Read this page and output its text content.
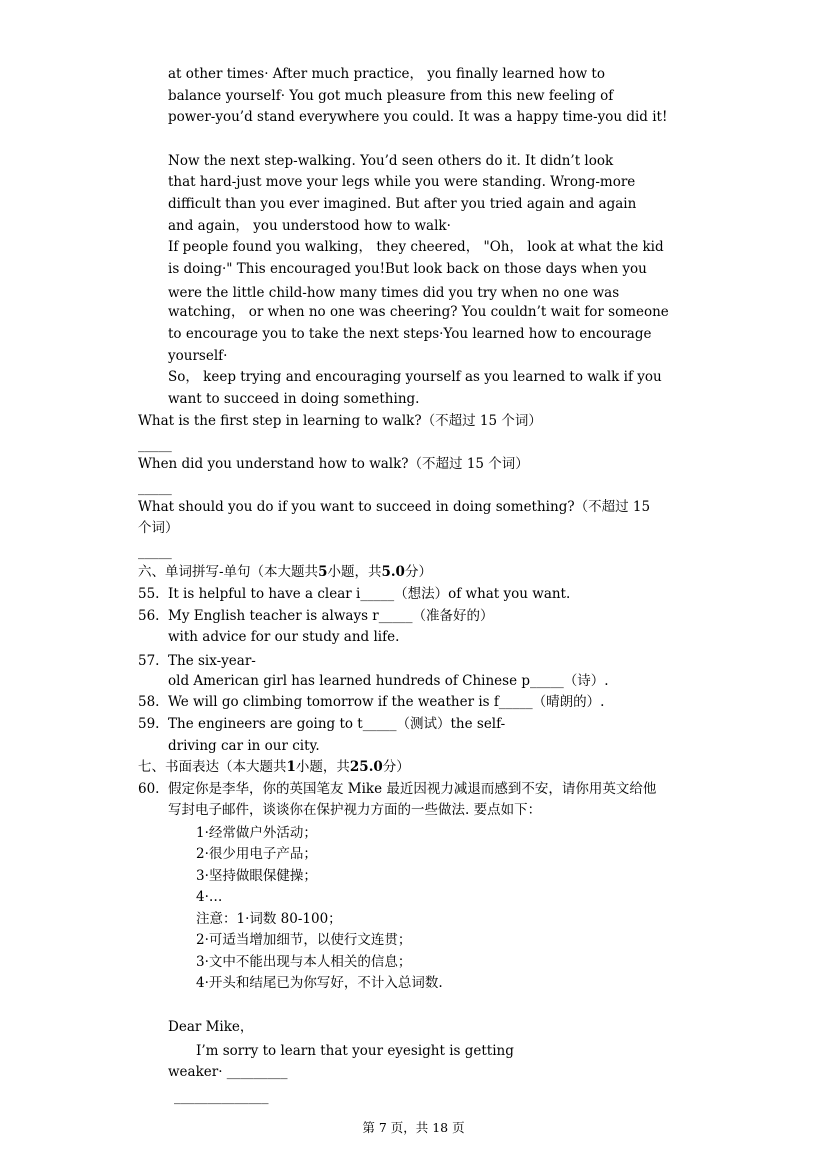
at other times· After much practice， you finally learned how to
balance yourself· You got much pleasure from this new feeling of
power-you’d stand everywhere you could. It was a happy time-you did it!
Now the next step-walking. You’d seen others do it. It didn’t look
that hard-just move your legs while you were standing. Wrong-more
difficult than you ever imagined. But after you tried again and again
and again， you understood how to walk·
If people found you walking， they cheered， "Oh， look at what the kid
is doing·" This encouraged you!But look back on those days when you
were the little child-how many times did you try when no one was
watching， or when no one was cheering? You couldn’t wait for someone
to encourage you to take the next steps·You learned how to encourage
yourself·
So， keep trying and encouraging yourself as you learned to walk if you
want to succeed in doing something.
What is the first step in learning to walk?（不超过 15 个词）
_____
When did you understand how to walk?（不超过 15 个词）
_____
What should you do if you want to succeed in doing something?（不超过 15
个词）
_____
六、单词拼写-单句（本大题共5小题，共5.0分）
55. It is helpful to have a clear i_____（想法）of what you want.
56. My English teacher is always r_____（准备好的）
with advice for our study and life.
57. The six-year-
old American girl has learned hundreds of Chinese p_____（诗）.
58. We will go climbing tomorrow if the weather is f_____（晴朗的）.
59. The engineers are going to t_____（测试）the self-
driving car in our city.
七、书面表达（本大题共1小题，共25.0分）
60. 假定你是李华，你的英国笔友 Mike 最近因视力减退而感到不安，请你用英文给他
写封电子邮件，谈谈你在保护视力方面的一些做法. 要点如下：
1·经常做户外活动；
2·很少用电子产品；
3·坚持做眼保健操；
4·…
注意：1·词数 80-100；
2·可适当增加细节，以使行文连贯；
3·文中不能出现与本人相关的信息；
4·开头和结尾已为你写好，不计入总词数.
Dear Mike，
I’m sorry to learn that your eyesight is getting
weaker· _________
______________
第 7 页，共 18 页
